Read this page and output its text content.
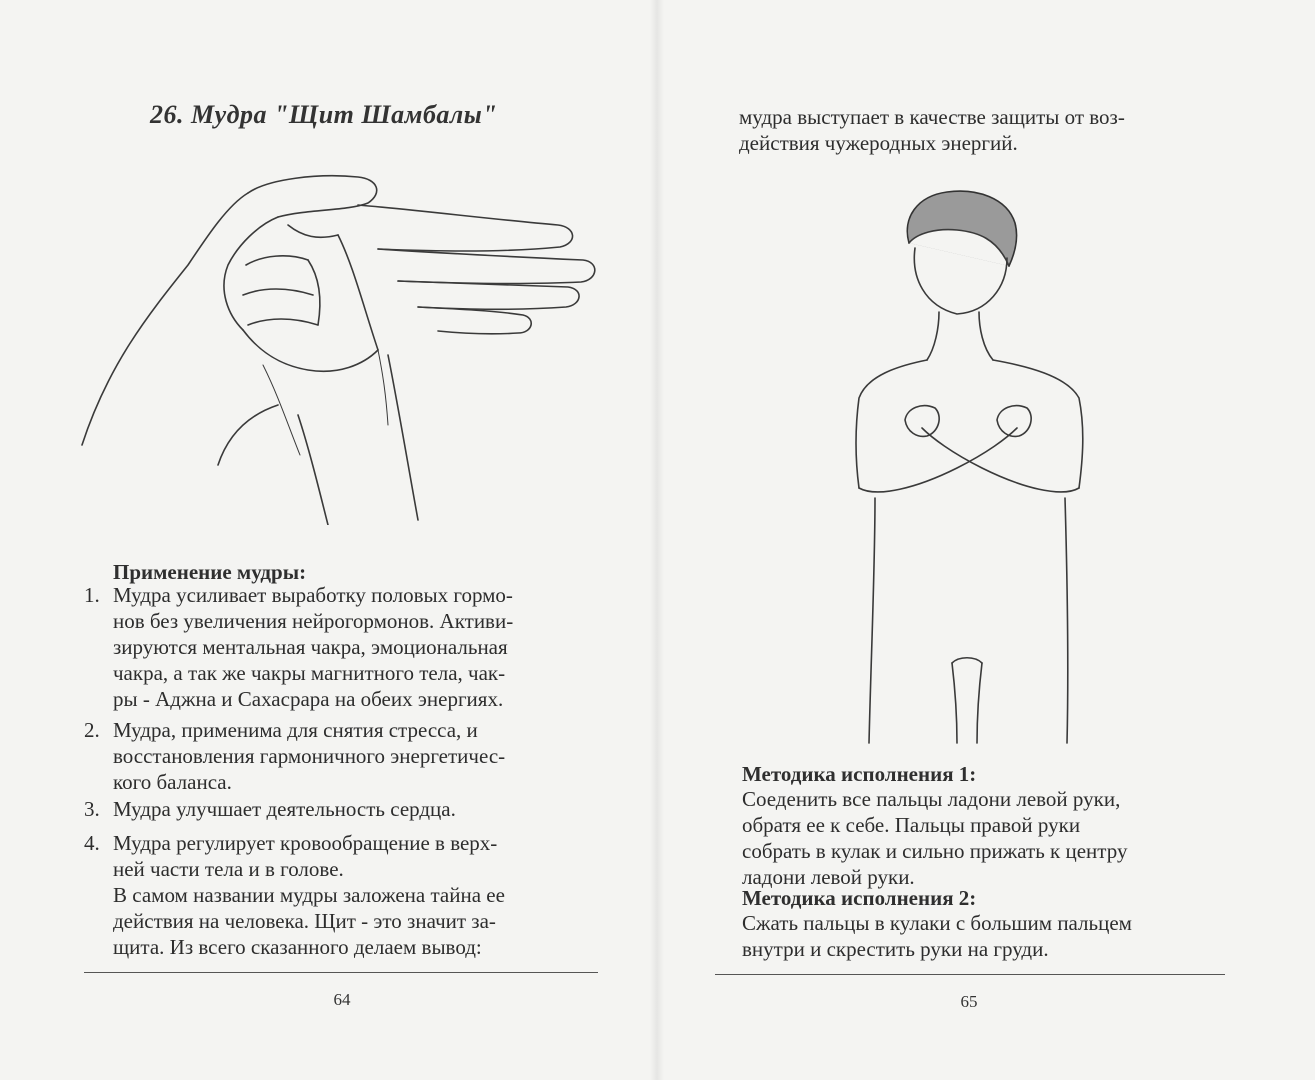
26. Мудра "Щит Шамбалы"
Применение мудры:
1. Мудра усиливает выработку половых гормо-
нов без увеличения нейрогормонов. Активи-
зируются ментальная чакра, эмоциональная
чакра, а так же чакры магнитного тела, чак-
ры - Аджна и Сахасрара на обеих энергиях.
2. Мудра, применима для снятия стресса, и
восстановления гармоничного энергетичес-
кого баланса.
3. Мудра улучшает деятельность сердца.
4. Мудра регулирует кровообращение в верх-
ней части тела и в голове.
В самом названии мудры заложена тайна ее
действия на человека. Щит - это значит за-
щита. Из всего сказанного делаем вывод:
64
мудра выступает в качестве защиты от воз-
действия чужеродных энергий.
Методика исполнения 1:
Соеденить все пальцы ладони левой руки,
обратя ее к себе. Пальцы правой руки
собрать в кулак и сильно прижать к центру
ладони левой руки.
Методика исполнения 2:
Сжать пальцы в кулаки с большим пальцем
внутри и скрестить руки на груди.
65
